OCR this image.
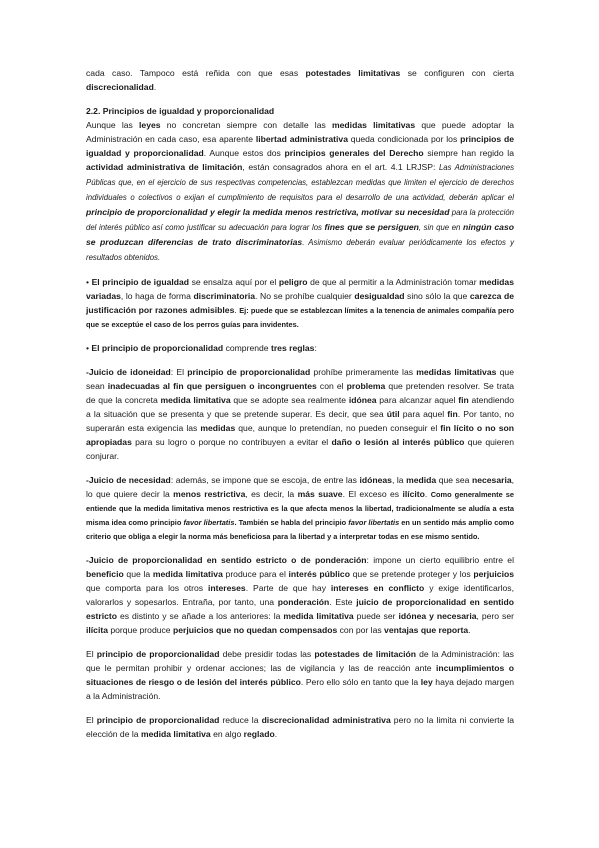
cada caso. Tampoco está reñida con que esas potestades limitativas se configuren con cierta discrecionalidad.

2.2. Principios de igualdad y proporcionalidad

Aunque las leyes no concretan siempre con detalle las medidas limitativas que puede adoptar la Administración en cada caso, esa aparente libertad administrativa queda condicionada por los principios de igualdad y proporcionalidad. Aunque estos dos principios generales del Derecho siempre han regido la actividad administrativa de limitación, están consagrados ahora en el art. 4.1 LRJSP: Las Administraciones Públicas que, en el ejercicio de sus respectivas competencias, establezcan medidas que limiten el ejercicio de derechos individuales o colectivos o exijan el cumplimiento de requisitos para el desarrollo de una actividad, deberán aplicar el principio de proporcionalidad y elegir la medida menos restrictiva, motivar su necesidad para la protección del interés público así como justificar su adecuación para lograr los fines que se persiguen, sin que en ningún caso se produzcan diferencias de trato discriminatorias. Asimismo deberán evaluar periódicamente los efectos y resultados obtenidos.

• El principio de igualdad se ensalza aquí por el peligro de que al permitir a la Administración tomar medidas variadas, lo haga de forma discriminatoria. No se prohíbe cualquier desigualdad sino sólo la que carezca de justificación por razones admisibles. Ej: puede que se establezcan límites a la tenencia de animales compañía pero que se exceptúe el caso de los perros guías para invidentes.

• El principio de proporcionalidad comprende tres reglas:

-Juicio de idoneidad: El principio de proporcionalidad prohíbe primeramente las medidas limitativas que sean inadecuadas al fin que persiguen o incongruentes con el problema que pretenden resolver. Se trata de que la concreta medida limitativa que se adopte sea realmente idónea para alcanzar aquel fin atendiendo a la situación que se presenta y que se pretende superar. Es decir, que sea útil para aquel fin. Por tanto, no superarán esta exigencia las medidas que, aunque lo pretendían, no pueden conseguir el fin lícito o no son apropiadas para su logro o porque no contribuyen a evitar el daño o lesión al interés público que quieren conjurar.

-Juicio de necesidad: además, se impone que se escoja, de entre las idóneas, la medida que sea necesaria, lo que quiere decir la menos restrictiva, es decir, la más suave. El exceso es ilícito. Como generalmente se entiende que la medida limitativa menos restrictiva es la que afecta menos la libertad, tradicionalmente se aludía a esta misma idea como principio favor libertatis. También se habla del principio favor libertatis en un sentido más amplio como criterio que obliga a elegir la norma más beneficiosa para la libertad y a interpretar todas en ese mismo sentido.

-Juicio de proporcionalidad en sentido estricto o de ponderación: impone un cierto equilibrio entre el beneficio que la medida limitativa produce para el interés público que se pretende proteger y los perjuicios que comporta para los otros intereses. Parte de que hay intereses en conflicto y exige identificarlos, valorarlos y sopesarlos. Entraña, por tanto, una ponderación. Este juicio de proporcionalidad en sentido estricto es distinto y se añade a los anteriores: la medida limitativa puede ser idónea y necesaria, pero ser ilícita porque produce perjuicios que no quedan compensados con por las ventajas que reporta.

El principio de proporcionalidad debe presidir todas las potestades de limitación de la Administración: las que le permitan prohibir y ordenar acciones; las de vigilancia y las de reacción ante incumplimientos o situaciones de riesgo o de lesión del interés público. Pero ello sólo en tanto que la ley haya dejado margen a la Administración.

El principio de proporcionalidad reduce la discrecionalidad administrativa pero no la limita ni convierte la elección de la medida limitativa en algo reglado.
